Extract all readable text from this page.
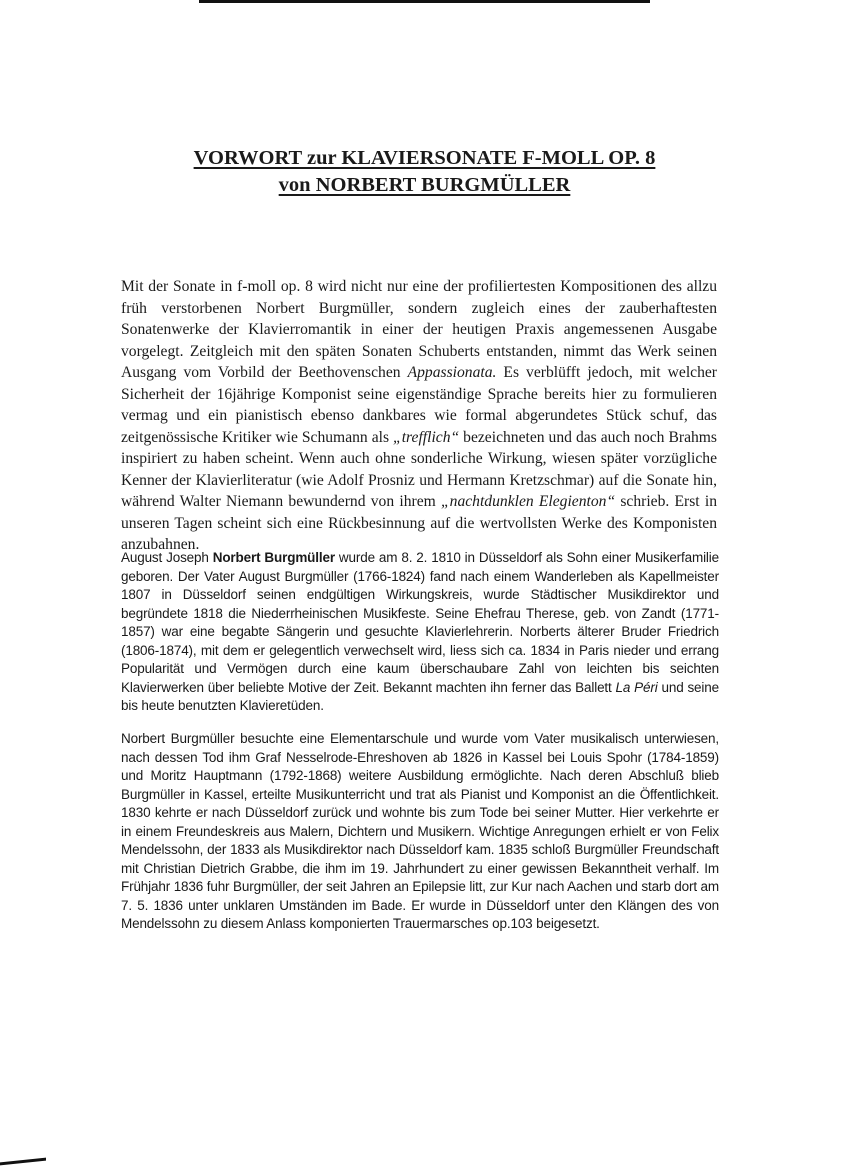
VORWORT zur KLAVIERSONATE F-MOLL OP. 8
von NORBERT BURGMÜLLER

Mit der Sonate in f-moll op. 8 wird nicht nur eine der profiliertesten Kompositionen des allzu früh verstorbenen Norbert Burgmüller, sondern zugleich eines der zauberhaftesten Sonatenwerke der Klavierromantik in einer der heutigen Praxis angemessenen Ausgabe vorgelegt. Zeitgleich mit den späten Sonaten Schuberts entstanden, nimmt das Werk seinen Ausgang vom Vorbild der Beethovenschen Appassionata. Es verblüfft jedoch, mit welcher Sicherheit der 16jährige Komponist seine eigenständige Sprache bereits hier zu formulieren vermag und ein pianistisch ebenso dankbares wie formal abgerundetes Stück schuf, das zeitgenössische Kritiker wie Schumann als „trefflich“ bezeichneten und das auch noch Brahms inspiriert zu haben scheint. Wenn auch ohne sonderliche Wirkung, wiesen später vorzügliche Kenner der Klavierliteratur (wie Adolf Prosniz und Hermann Kretzschmar) auf die Sonate hin, während Walter Niemann bewundernd von ihrem „nachtdunklen Elegienton“ schrieb. Erst in unseren Tagen scheint sich eine Rückbesinnung auf die wertvollsten Werke des Komponisten anzubahnen.

August Joseph Norbert Burgmüller wurde am 8. 2. 1810 in Düsseldorf als Sohn einer Musikerfamilie geboren. Der Vater August Burgmüller (1766-1824) fand nach einem Wanderleben als Kapellmeister 1807 in Düsseldorf seinen endgültigen Wirkungskreis, wurde Städtischer Musikdirektor und begründete 1818 die Niederrheinischen Musikfeste. Seine Ehefrau Therese, geb. von Zandt (1771-1857) war eine begabte Sängerin und gesuchte Klavierlehrerin. Norberts älterer Bruder Friedrich (1806-1874), mit dem er gelegentlich verwechselt wird, liess sich ca. 1834 in Paris nieder und errang Popularität und Vermögen durch eine kaum überschaubare Zahl von leichten bis seichten Klavierwerken über beliebte Motive der Zeit. Bekannt machten ihn ferner das Ballett La Péri und seine bis heute benutzten Klavieretüden.

Norbert Burgmüller besuchte eine Elementarschule und wurde vom Vater musikalisch unterwiesen, nach dessen Tod ihm Graf Nesselrode-Ehreshoven ab 1826 in Kassel bei Louis Spohr (1784-1859) und Moritz Hauptmann (1792-1868) weitere Ausbildung ermöglichte. Nach deren Abschluß blieb Burgmüller in Kassel, erteilte Musikunterricht und trat als Pianist und Komponist an die Öffentlichkeit. 1830 kehrte er nach Düsseldorf zurück und wohnte bis zum Tode bei seiner Mutter. Hier verkehrte er in einem Freundeskreis aus Malern, Dichtern und Musikern. Wichtige Anregungen erhielt er von Felix Mendelssohn, der 1833 als Musikdirektor nach Düsseldorf kam. 1835 schloß Burgmüller Freundschaft mit Christian Dietrich Grabbe, die ihm im 19. Jahrhundert zu einer gewissen Bekanntheit verhalf. Im Frühjahr 1836 fuhr Burgmüller, der seit Jahren an Epilepsie litt, zur Kur nach Aachen und starb dort am 7. 5. 1836 unter unklaren Umständen im Bade. Er wurde in Düsseldorf unter den Klängen des von Mendelssohn zu diesem Anlass komponierten Trauermarsches op.103 beigesetzt.
